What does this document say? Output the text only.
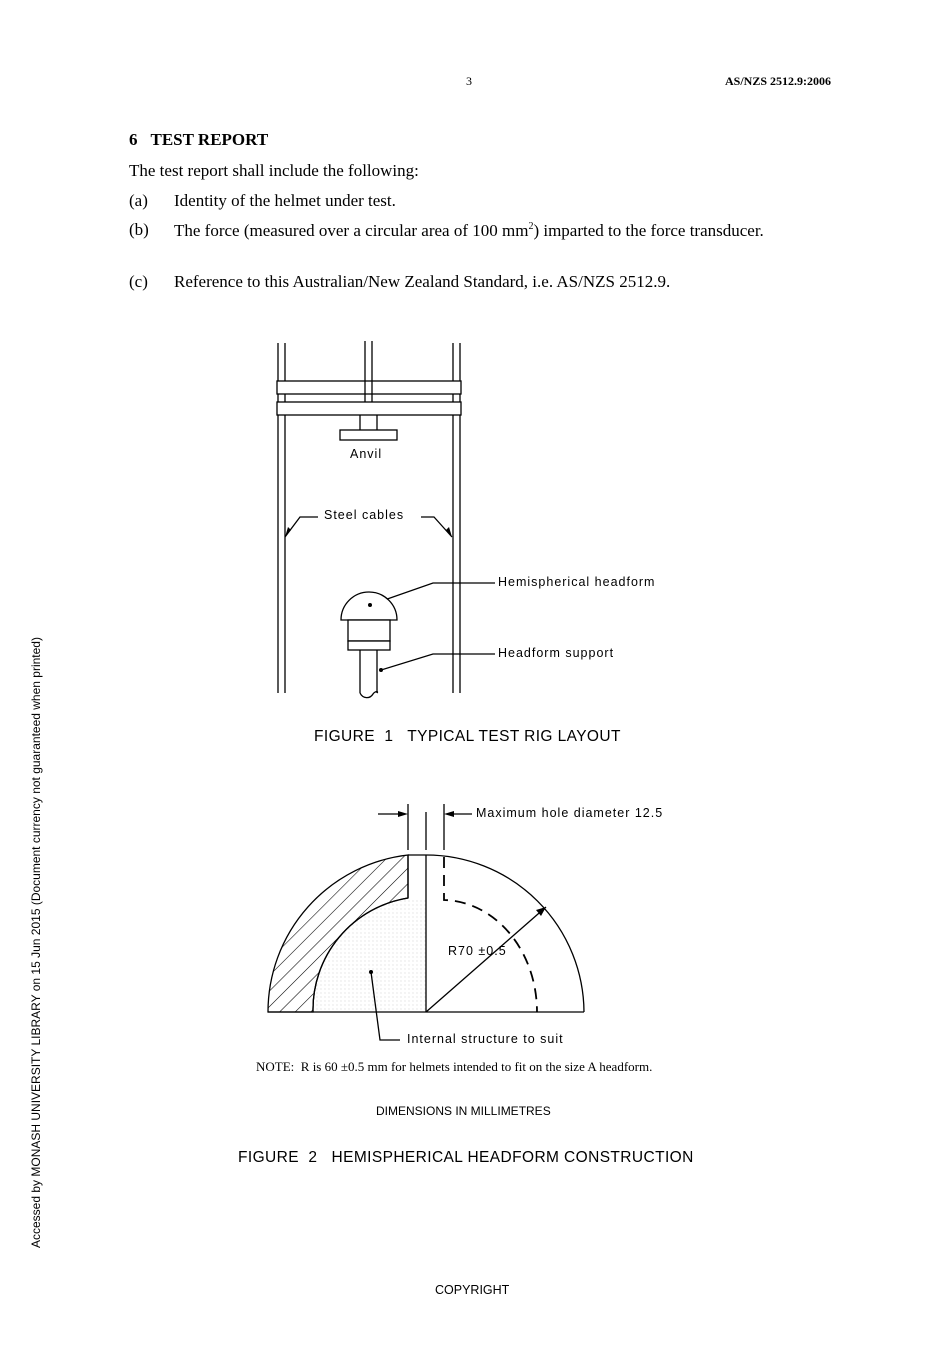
3	AS/NZS 2512.9:2006
6 TEST REPORT
The test report shall include the following:
(a) Identity of the helmet under test.
(b) The force (measured over a circular area of 100 $mm^2$) imparted to the force transducer.
(c) Reference to this Australian/New Zealand Standard, i.e. AS/NZS 2512.9.
Anvil
Steel cables
Hemispherical headform
Headform support
FIGURE  1   TYPICAL TEST RIG LAYOUT
Maximum hole diameter 12.5
R70 ±0.5
Internal structure to suit
NOTE:  R is 60 ±0.5 mm for helmets intended to fit on the size A headform.
DIMENSIONS IN MILLIMETRES
FIGURE  2   HEMISPHERICAL HEADFORM CONSTRUCTION
Accessed by MONASH UNIVERSITY LIBRARY on 15 Jun 2015 (Document currency not guaranteed when printed)
COPYRIGHT
